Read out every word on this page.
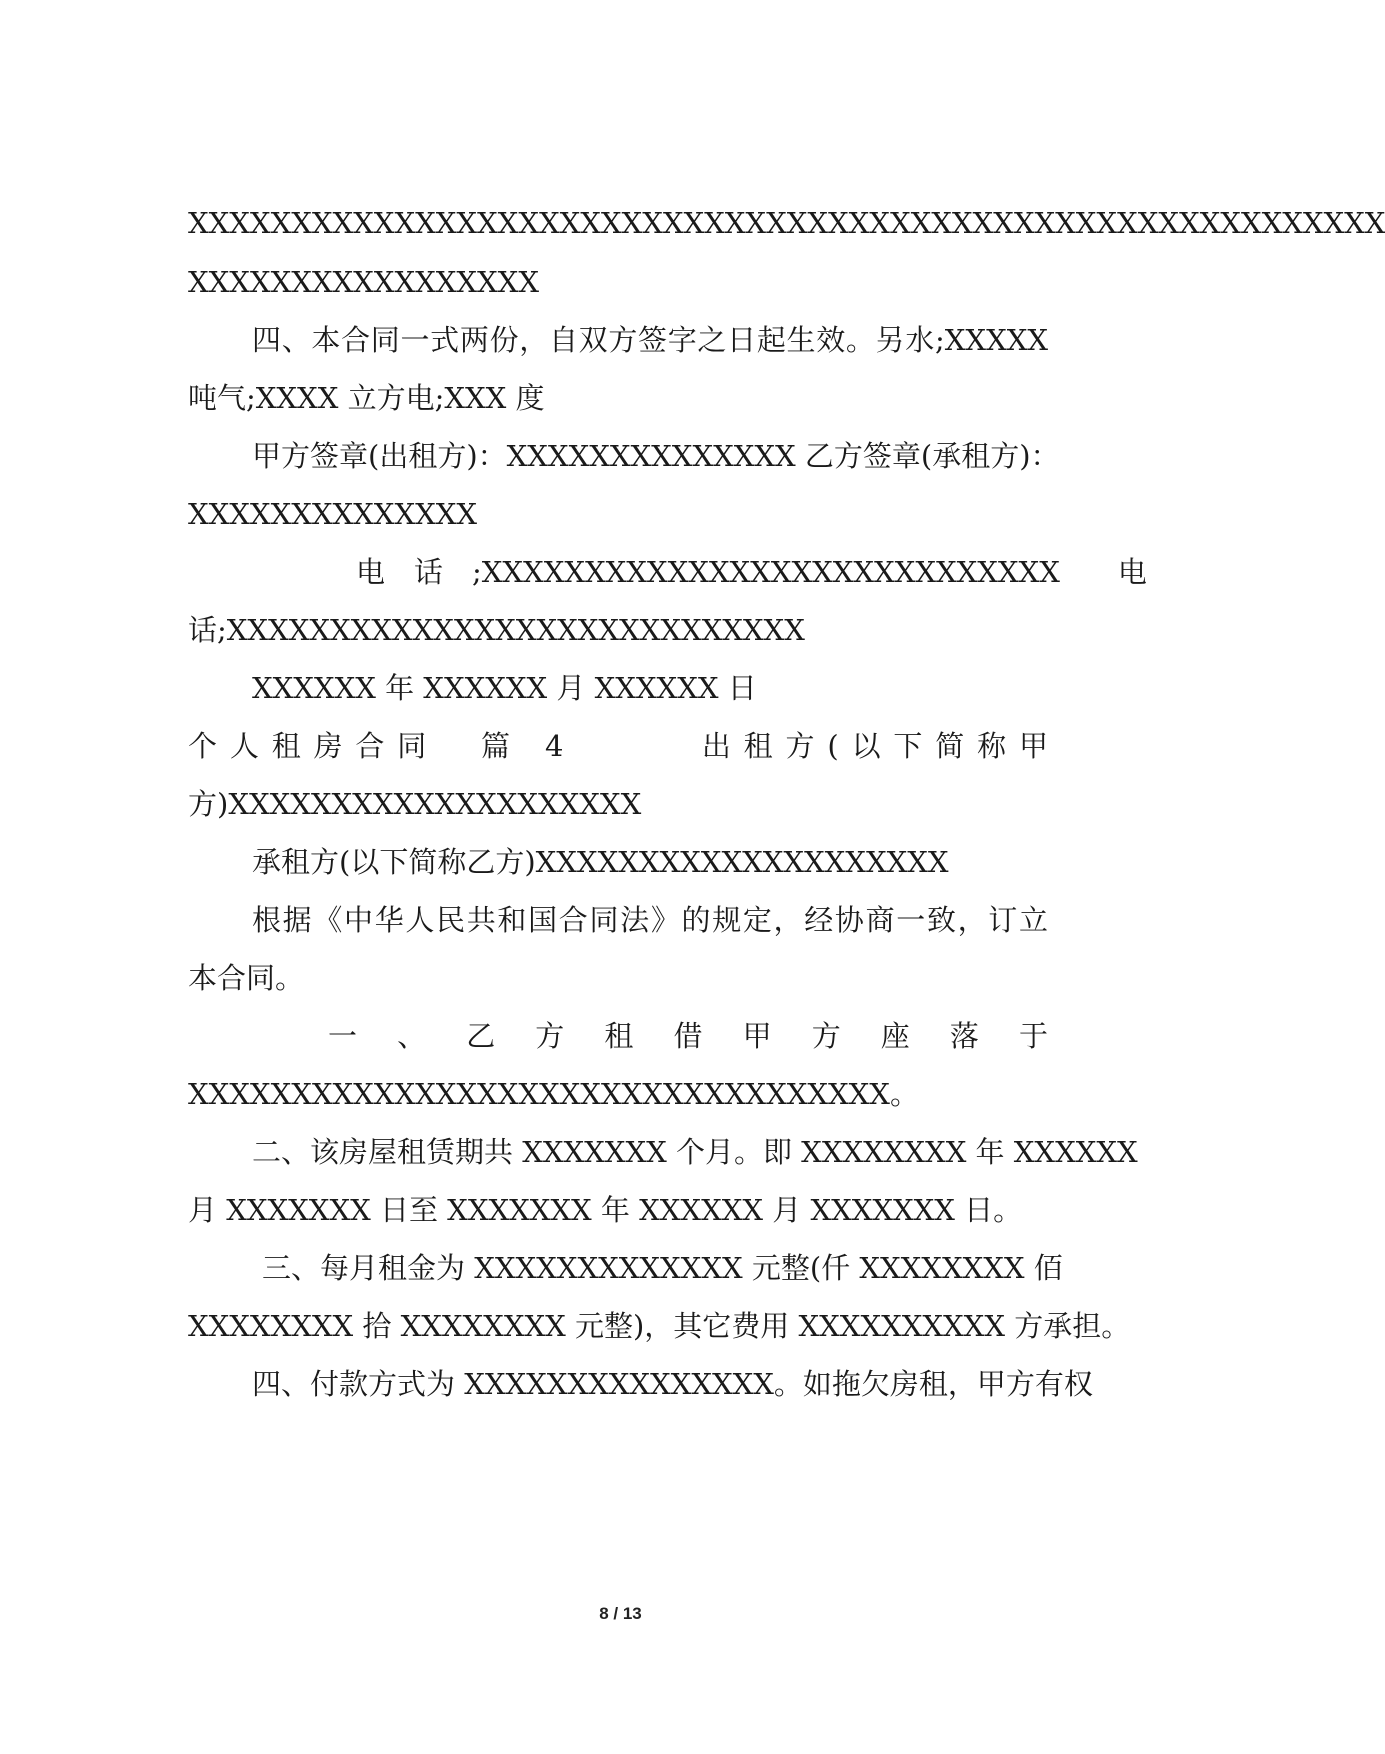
XXXXXXXXXXXXXXXXXXXXXXXXXXXXXXXXXXXXXXXXXXXXXXXXXXXXXXXXXX
XXXXXXXXXXXXXXXXX
四、本合同一式两份，自双方签字之日起生效。另水;XXXXX
吨气;XXXX 立方电;XXX 度
甲方签章(出租方)：XXXXXXXXXXXXXX 乙方签章(承租方)：
XXXXXXXXXXXXXX
电　话　;XXXXXXXXXXXXXXXXXXXXXXXXXXXX　　电
话;XXXXXXXXXXXXXXXXXXXXXXXXXXXX
XXXXXX 年 XXXXXX 月 XXXXXX 日
个人租房合同　篇 4　　　出租方(以下简称甲
方)XXXXXXXXXXXXXXXXXXXX
承租方(以下简称乙方)XXXXXXXXXXXXXXXXXXXX
根据《中华人民共和国合同法》的规定，经协商一致，订立
本合同。
一、乙方租借甲方座落于
XXXXXXXXXXXXXXXXXXXXXXXXXXXXXXXXXX。
二、该房屋租赁期共 XXXXXXX 个月。即 XXXXXXXX 年 XXXXXX
月 XXXXXXX 日至 XXXXXXX 年 XXXXXX 月 XXXXXXX 日。
三、每月租金为 XXXXXXXXXXXXX 元整(仟 XXXXXXXX 佰
XXXXXXXX 拾 XXXXXXXX 元整)，其它费用 XXXXXXXXXX 方承担。
四、付款方式为 XXXXXXXXXXXXXXX。如拖欠房租，甲方有权
8 / 13
